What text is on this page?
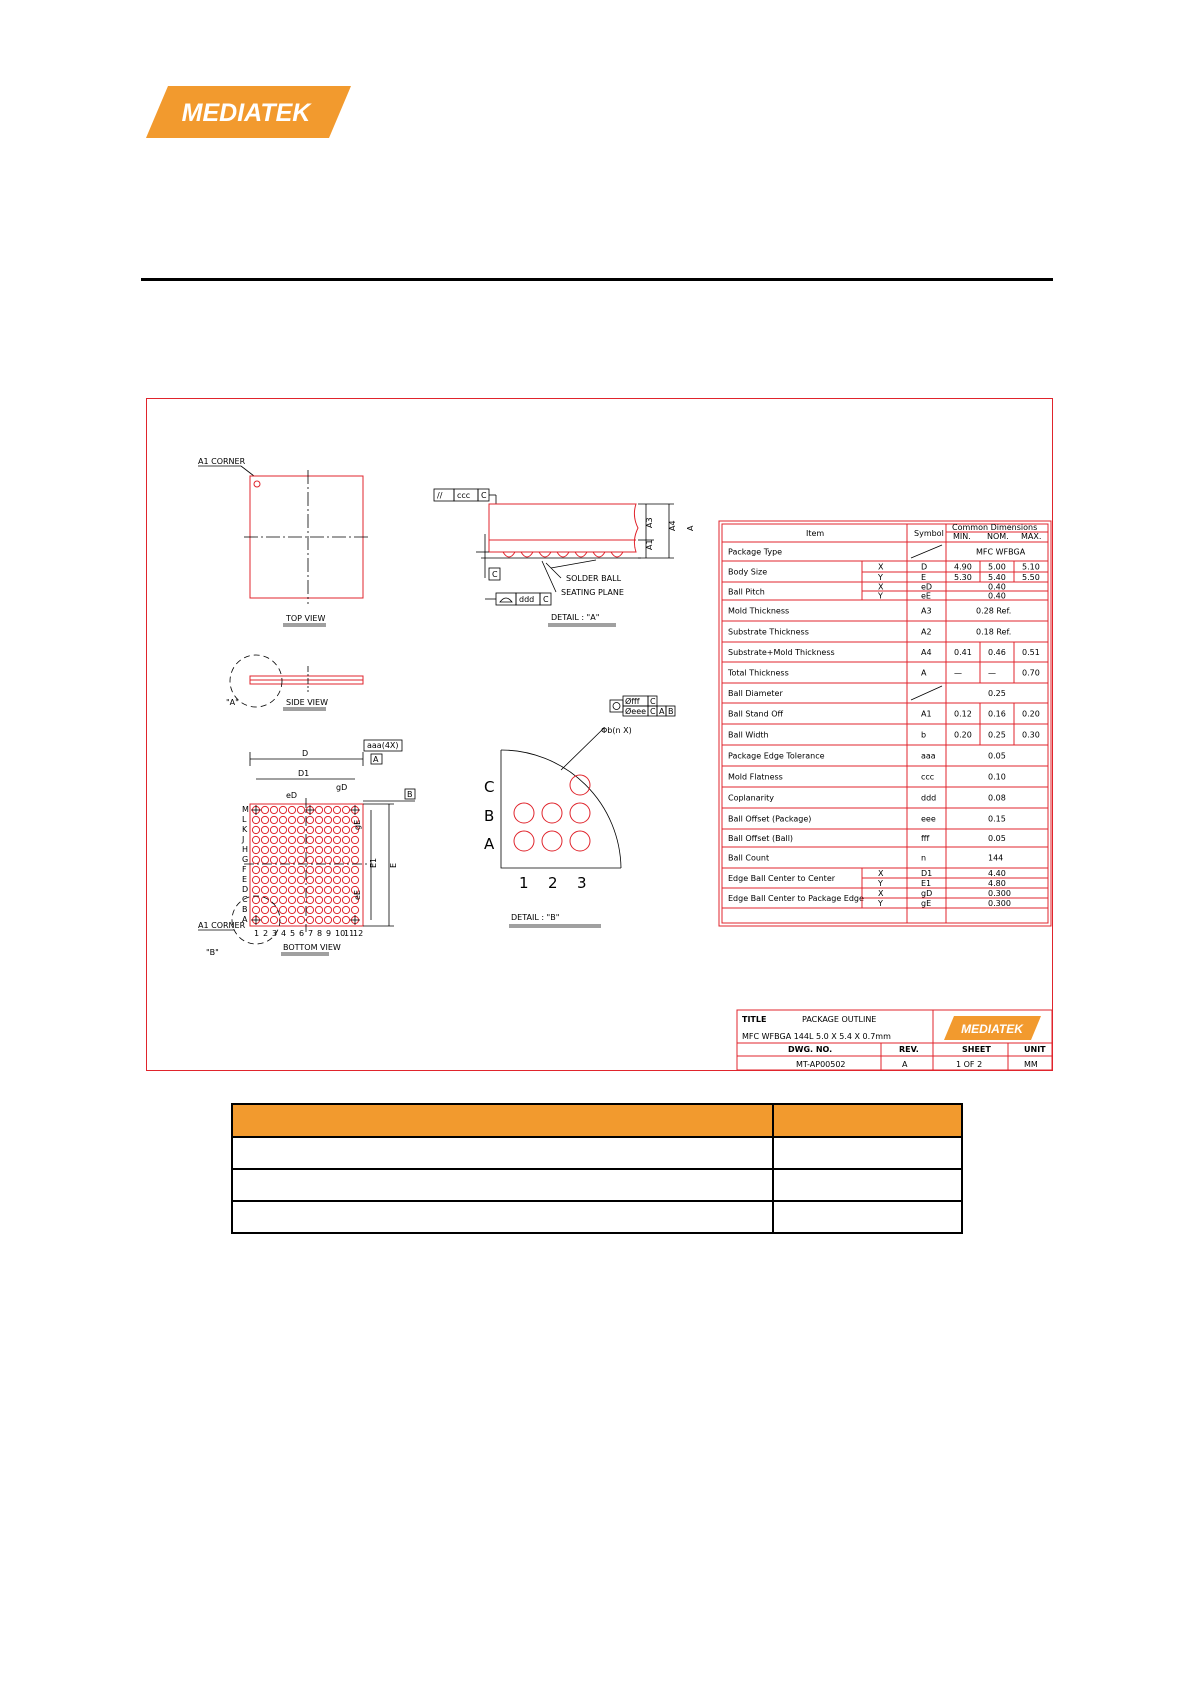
MEDIATEK
A1 CORNER
TOP VIEW
"A"	SIDE VIEW
// ccc C
C
ddd C
SOLDER BALL
SEATING PLANE
A3 A4 A
A1
DETAIL : "A"
aaa(4X)
A
D
D1
eD
gD
B
M
L
K
J
H
G
F
E
D
C
B
A
1 2 3 4 5 6 7 8 9 10
11
12
E1 E
gE
eE
A1 CORNER
"B"
BOTTOM VIEW
Øfff C
Øeee C A B
Φb(n X)
C
B
A
1 2 3
DETAIL : "B"
Item	Symbol
Common Dimensions
MIN. NOM. MAX.
Package Type	MFC WFBGA
Body Size
X	D	4.90 5.00 5.10
Y	E	5.30 5.40 5.50
Ball Pitch
X	eD	0.40
Y	eE	0.40
Mold Thickness	A3	0.28 Ref.
Substrate Thickness	A2	0.18 Ref.
Substrate+Mold Thickness	A4	0.41 0.46 0.51
Total Thickness	A	—	—	0.70
Ball Diameter	0.25
Ball Stand Off	A1	0.12 0.16 0.20
Ball Width	b	0.20 0.25 0.30
Package Edge Tolerance	aaa	0.05
Mold Flatness	ccc	0.10
Coplanarity	ddd	0.08
Ball Offset (Package)	eee	0.15
Ball Offset (Ball)	fff	0.05
Ball Count	n	144
Edge Ball Center to Center
X	D1	4.40
Y	E1	4.80
Edge Ball Center to Package Edge
X	gD	0.300
Y	gE	0.300
TITLE	PACKAGE OUTLINE
MFC WFBGA 144L 5.0 X 5.4 X 0.7mm
DWG. NO.	REV.	SHEET	UNIT
MT-AP00502	A	1 OF 2	MM
MEDIATEK
